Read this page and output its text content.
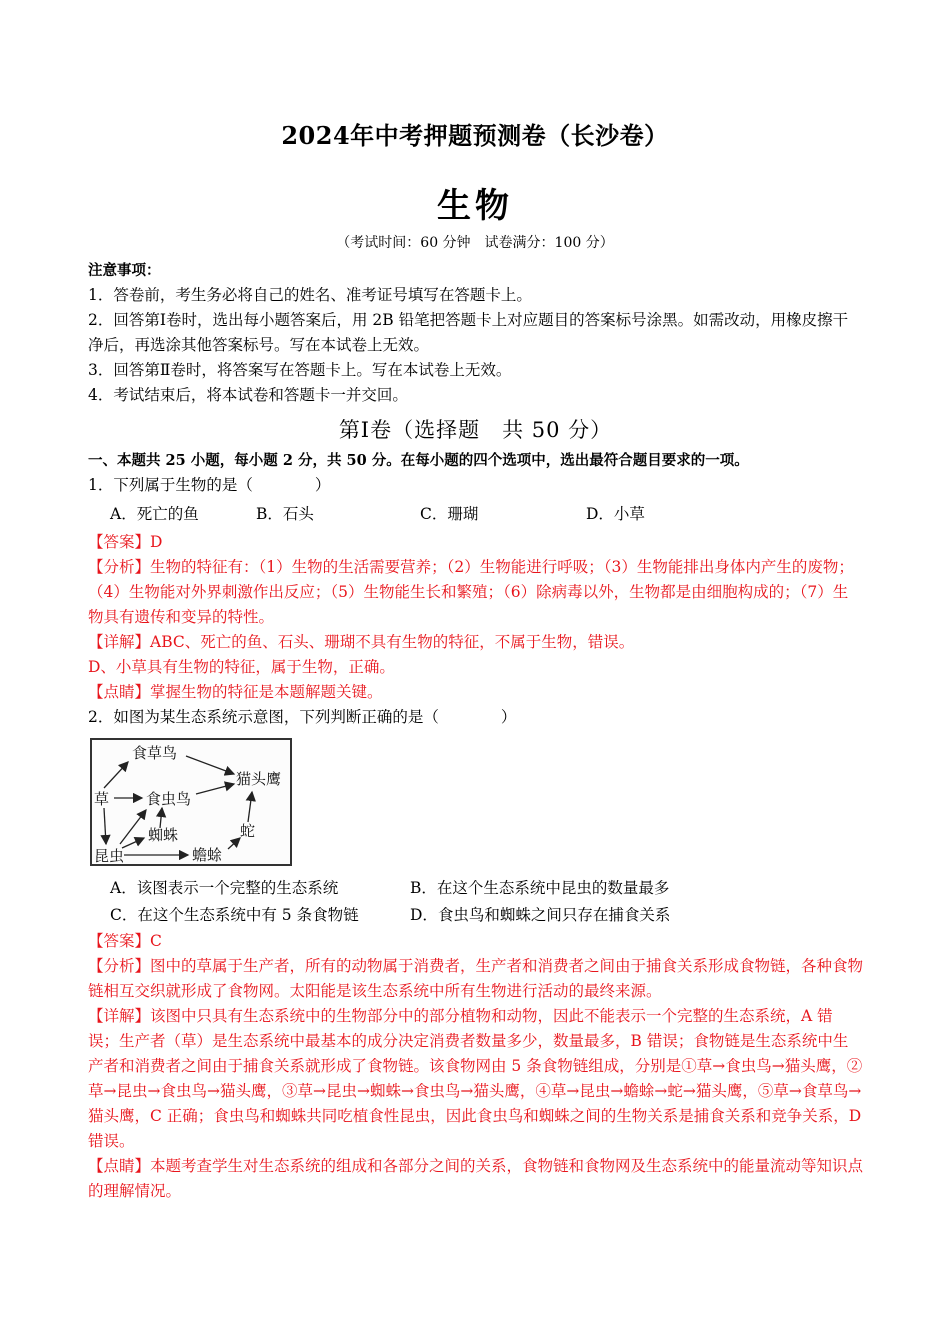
2024年中考押题预测卷（长沙卷）
生物
（考试时间：60 分钟　试卷满分：100 分）

注意事项：

1．答卷前，考生务必将自己的姓名、准考证号填写在答题卡上。

2．回答第Ⅰ卷时，选出每小题答案后，用 2B 铅笔把答题卡上对应题目的答案标号涂黑。如需改动，用橡皮擦干净后，再选涂其他答案标号。写在本试卷上无效。

3．回答第Ⅱ卷时，将答案写在答题卡上。写在本试卷上无效。

4．考试结束后，将本试卷和答题卡一并交回。

第Ⅰ卷（选择题　共 50 分）

一、本题共 25 小题，每小题 2 分，共 50 分。在每小题的四个选项中，选出最符合题目要求的一项。

1．下列属于生物的是（　　　　）

A．死亡的鱼	B．石头	C．珊瑚	D．小草

【答案】D

【分析】生物的特征有：（1）生物的生活需要营养；（2）生物能进行呼吸；（3）生物能排出身体内产生的废物；（4）生物能对外界刺激作出反应；（5）生物能生长和繁殖；（6）除病毒以外，生物都是由细胞构成的；（7）生物具有遗传和变异的特性。

【详解】ABC、死亡的鱼、石头、珊瑚不具有生物的特征，不属于生物，错误。

D、小草具有生物的特征，属于生物，正确。

【点睛】掌握生物的特征是本题解题关键。

2．如图为某生态系统示意图，下列判断正确的是（　　　　）

食草鸟
猫头鹰
草 食虫鸟
蜘蛛	蛇
昆虫	蟾蜍
A．该图表示一个完整的生态系统	B．在这个生态系统中昆虫的数量最多
C．在这个生态系统中有 5 条食物链	D．食虫鸟和蜘蛛之间只存在捕食关系

【答案】C

【分析】图中的草属于生产者，所有的动物属于消费者，生产者和消费者之间由于捕食关系形成食物链，各种食物链相互交织就形成了食物网。太阳能是该生态系统中所有生物进行活动的最终来源。

【详解】该图中只具有生态系统中的生物部分中的部分植物和动物，因此不能表示一个完整的生态系统，A 错误；生产者（草）是生态系统中最基本的成分决定消费者数量多少，数量最多，B 错误；食物链是生态系统中生产者和消费者之间由于捕食关系就形成了食物链。该食物网由 5 条食物链组成，分别是①草→食虫鸟→猫头鹰，②草→昆虫→食虫鸟→猫头鹰，③草→昆虫→蜘蛛→食虫鸟→猫头鹰，④草→昆虫→蟾蜍→蛇→猫头鹰，⑤草→食草鸟→猫头鹰，C 正确；食虫鸟和蜘蛛共同吃植食性昆虫，因此食虫鸟和蜘蛛之间的生物关系是捕食关系和竞争关系，D 错误。

【点睛】本题考查学生对生态系统的组成和各部分之间的关系，食物链和食物网及生态系统中的能量流动等知识点的理解情况。
